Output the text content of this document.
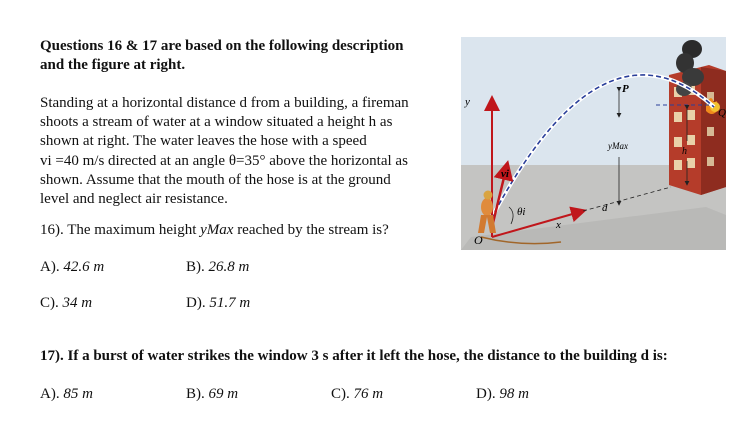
Questions 16 & 17 are based on the following description
and the figure at right.
Standing at a horizontal distance d from a building, a fireman
shoots a stream of water at a window situated a height h as
shown at right. The water leaves the hose with a speed
vi =40 m/s directed at an angle θ=35° above the horizontal as
shown. Assume that the mouth of the hose is at the ground
level and neglect air resistance.
16). The maximum height yMax reached by the stream is?
A). 42.6 m	B). 26.8 m
C). 34 m	D). 51.7 m
17). If a burst of water strikes the window 3 s after it left the hose, the distance to the building d is:
A). 85 m	B). 69 m	C). 76 m	D). 98 m
y
x
O
P
Q
yMax	h
d
vi
θi
